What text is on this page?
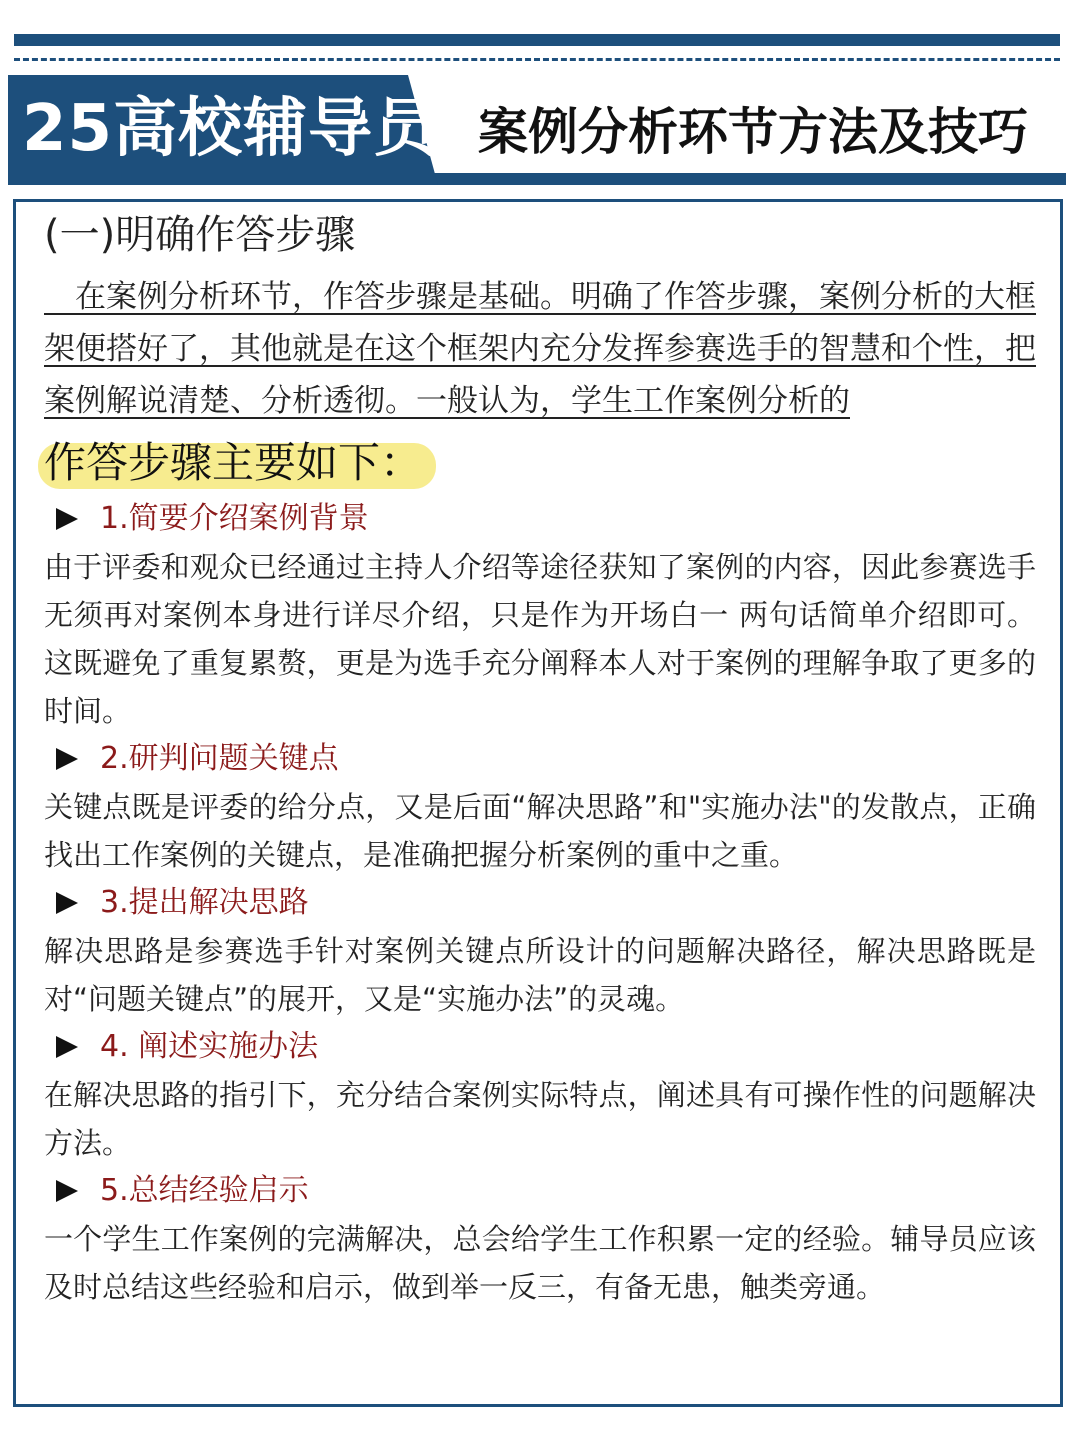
25高校辅导员 案例分析环节方法及技巧
(一)明确作答步骤

　在案例分析环节，作答步骤是基础。明确了作答步骤，案例分析的大框架便搭好了，其他就是在这个框架内充分发挥参赛选手的智慧和个性，把案例解说清楚、分析透彻。一般认为，学生工作案例分析的

作答步骤主要如下：
1.简要介绍案例背景

由于评委和观众已经通过主持人介绍等途径获知了案例的内容，因此参赛选手无须再对案例本身进行详尽介绍，只是作为开场白一 两句话简单介绍即可。这既避免了重复累赘，更是为选手充分阐释本人对于案例的理解争取了更多的时间。

2.研判问题关键点

关键点既是评委的给分点，又是后面“解决思路”和"实施办法"的发散点，正确找出工作案例的关键点，是准确把握分析案例的重中之重。

3.提出解决思路

解决思路是参赛选手针对案例关键点所设计的问题解决路径，解决思路既是对“问题关键点”的展开，又是“实施办法”的灵魂。

4. 阐述实施办法

在解决思路的指引下，充分结合案例实际特点，阐述具有可操作性的问题解决方法。

5.总结经验启示

一个学生工作案例的完满解决，总会给学生工作积累一定的经验。辅导员应该及时总结这些经验和启示，做到举一反三，有备无患，触类旁通。
